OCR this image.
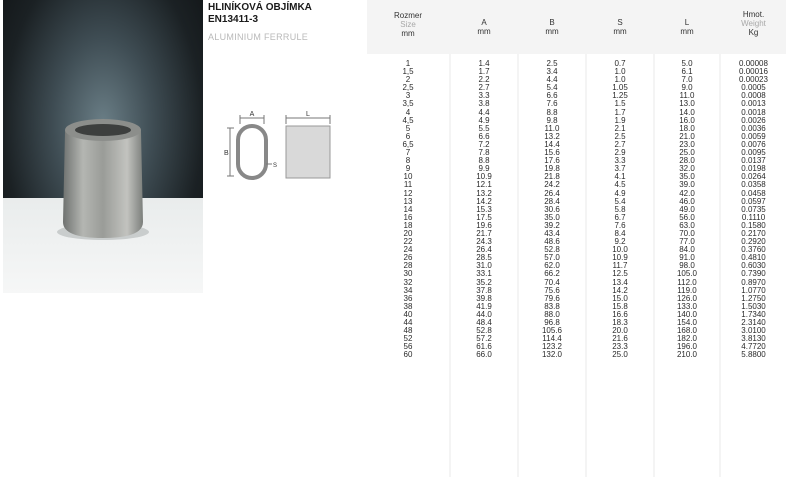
HLINÍKOVÁ OBJÍMKA
EN13411-3
ALUMINIUM FERRULE
A
B
S
L
Rozmer
Size
mm
A
mm
B
mm
S
mm
L
mm
Hmot.
Weight
Kg
1
1,5
2
2,5
3
3,5
4
4,5
5
6
6,5
7
8
9
10
11
12
13
14
16
18
20
22
24
26
28
30
32
34
36
38
40
44
48
52
56
60
1.4
1.7
2.2
2.7
3.3
3.8
4.4
4.9
5.5
6.6
7.2
7.8
8.8
9.9
10.9
12.1
13.2
14.2
15.3
17.5
19.6
21.7
24.3
26.4
28.5
31.0
33.1
35.2
37.8
39.8
41.9
44.0
48.4
52.8
57.2
61.6
66.0
2.5
3.4
4.4
5.4
6.6
7.6
8.8
9.8
11.0
13.2
14.4
15.6
17.6
19.8
21.8
24.2
26.4
28.4
30.6
35.0
39.2
43.4
48.6
52.8
57.0
62.0
66.2
70.4
75.6
79.6
83.8
88.0
96.8
105.6
114.4
123.2
132.0
0.7
1.0
1.0
1.05
1.25
1.5
1.7
1.9
2.1
2.5
2.7
2.9
3.3
3.7
4.1
4.5
4.9
5.4
5.8
6.7
7.6
8.4
9.2
10.0
10.9
11.7
12.5
13.4
14.2
15.0
15.8
16.6
18.3
20.0
21.6
23.3
25.0
5.0
6.1
7.0
9.0
11.0
13.0
14.0
16.0
18.0
21.0
23.0
25.0
28.0
32.0
35.0
39.0
42.0
46.0
49.0
56.0
63.0
70.0
77.0
84.0
91.0
98.0
105.0
112.0
119.0
126.0
133.0
140.0
154.0
168.0
182.0
196.0
210.0
0.00008
0.00016
0.00023
0.0005
0.0008
0.0013
0.0018
0.0026
0.0036
0.0059
0.0076
0.0095
0.0137
0.0198
0.0264
0.0358
0.0458
0.0597
0.0735
0.1110
0.1580
0.2170
0.2920
0.3760
0.4810
0.6030
0.7390
0.8970
1.0770
1.2750
1.5030
1.7340
2.3140
3.0100
3.8130
4.7720
5.8800
